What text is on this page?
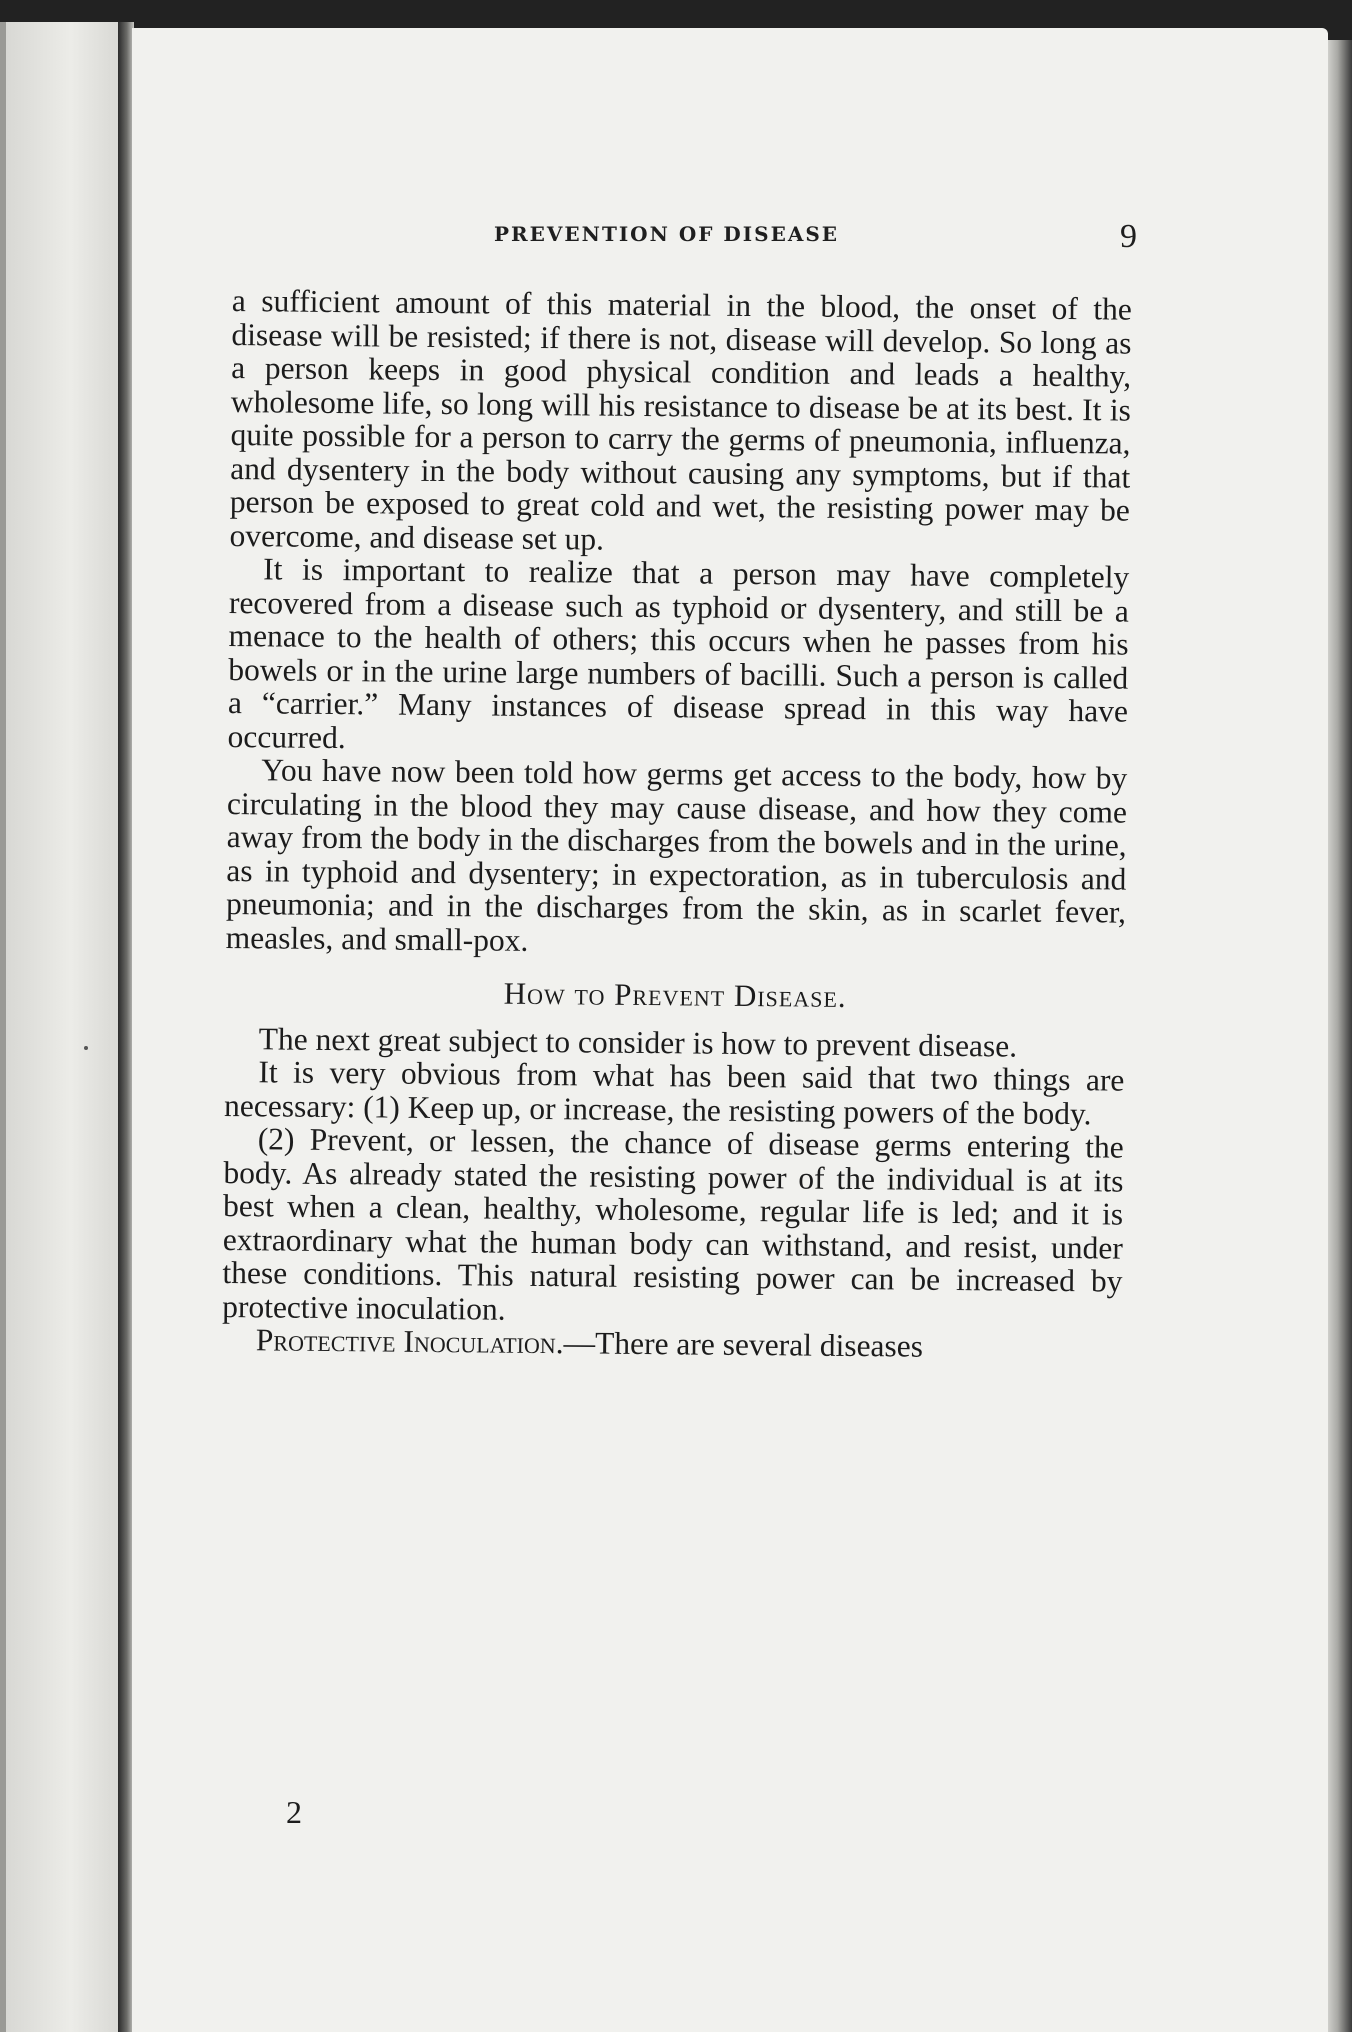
PREVENTION OF DISEASE	9

a sufficient amount of this material in the blood, the onset of the disease will be resisted; if there is not, disease will develop. So long as a person keeps in good physical condition and leads a healthy, wholesome life, so long will his resistance to disease be at its best. It is quite possible for a person to carry the germs of pneumonia, influenza, and dysentery in the body without causing any symptoms, but if that person be exposed to great cold and wet, the resisting power may be overcome, and disease set up.

It is important to realize that a person may have completely recovered from a disease such as typhoid or dysentery, and still be a menace to the health of others; this occurs when he passes from his bowels or in the urine large numbers of bacilli. Such a person is called a “carrier.” Many instances of disease spread in this way have occurred.

You have now been told how germs get access to the body, how by circulating in the blood they may cause disease, and how they come away from the body in the discharges from the bowels and in the urine, as in typhoid and dysentery; in expectoration, as in tuberculosis and pneumonia; and in the discharges from the skin, as in scarlet fever, measles, and small-pox.

How to Prevent Disease.

The next great subject to consider is how to prevent disease.

It is very obvious from what has been said that two things are necessary: (1) Keep up, or increase, the resisting powers of the body.

(2) Prevent, or lessen, the chance of disease germs entering the body. As already stated the resisting power of the individual is at its best when a clean, healthy, wholesome, regular life is led; and it is extraordinary what the human body can withstand, and resist, under these conditions. This natural resisting power can be increased by protective inoculation.

Protective Inoculation.—There are several diseases

2
